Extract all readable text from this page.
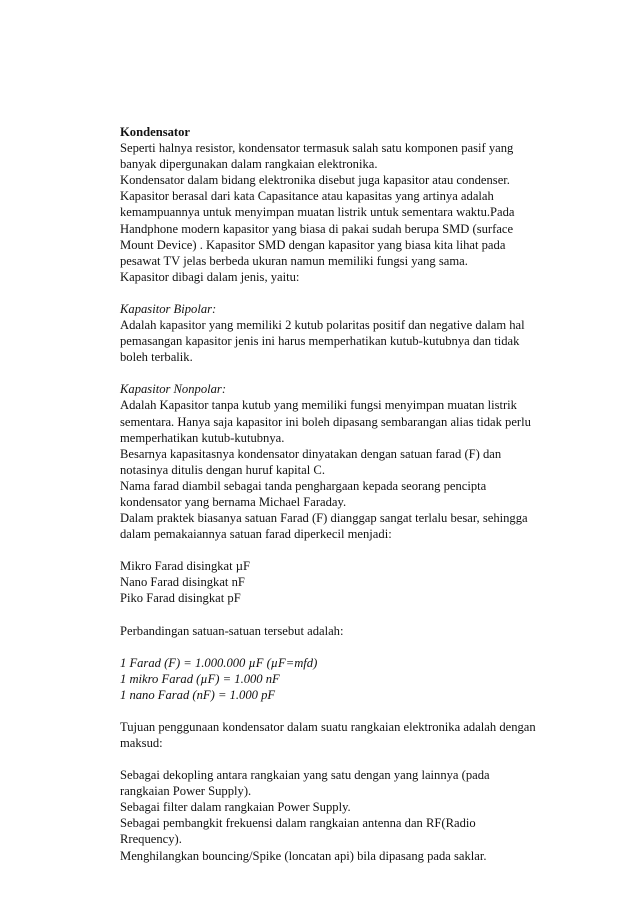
Kondensator
Seperti halnya resistor, kondensator termasuk salah satu komponen pasif yang
banyak dipergunakan dalam rangkaian elektronika.
Kondensator dalam bidang elektronika disebut juga kapasitor atau condenser.
Kapasitor berasal dari kata Capasitance atau kapasitas yang artinya adalah
kemampuannya untuk menyimpan muatan listrik untuk sementara waktu.Pada
Handphone modern kapasitor yang biasa di pakai sudah berupa SMD (surface
Mount Device) . Kapasitor SMD dengan kapasitor yang biasa kita lihat pada
pesawat TV jelas berbeda ukuran namun memiliki fungsi yang sama.
Kapasitor dibagi dalam jenis, yaitu:
Kapasitor Bipolar:
Adalah kapasitor yang memiliki 2 kutub polaritas positif dan negative dalam hal
pemasangan kapasitor jenis ini harus memperhatikan kutub-kutubnya dan tidak
boleh terbalik.
Kapasitor Nonpolar:
Adalah Kapasitor tanpa kutub yang memiliki fungsi menyimpan muatan listrik
sementara. Hanya saja kapasitor ini boleh dipasang sembarangan alias tidak perlu
memperhatikan kutub-kutubnya.
Besarnya kapasitasnya kondensator dinyatakan dengan satuan farad (F) dan
notasinya ditulis dengan huruf kapital C.
Nama farad diambil sebagai tanda penghargaan kepada seorang pencipta
kondensator yang bernama Michael Faraday.
Dalam praktek biasanya satuan Farad (F) dianggap sangat terlalu besar, sehingga
dalam pemakaiannya satuan farad diperkecil menjadi:
Mikro Farad disingkat µF
Nano Farad disingkat nF
Piko Farad disingkat pF
Perbandingan satuan-satuan tersebut adalah:
1 Farad (F) = 1.000.000 µF (µF=mfd)
1 mikro Farad (µF) = 1.000 nF
1 nano Farad (nF) = 1.000 pF
Tujuan penggunaan kondensator dalam suatu rangkaian elektronika adalah dengan
maksud:
Sebagai dekopling antara rangkaian yang satu dengan yang lainnya (pada
rangkaian Power Supply).
Sebagai filter dalam rangkaian Power Supply.
Sebagai pembangkit frekuensi dalam rangkaian antenna dan RF(Radio
Rrequency).
Menghilangkan bouncing/Spike (loncatan api) bila dipasang pada saklar.
